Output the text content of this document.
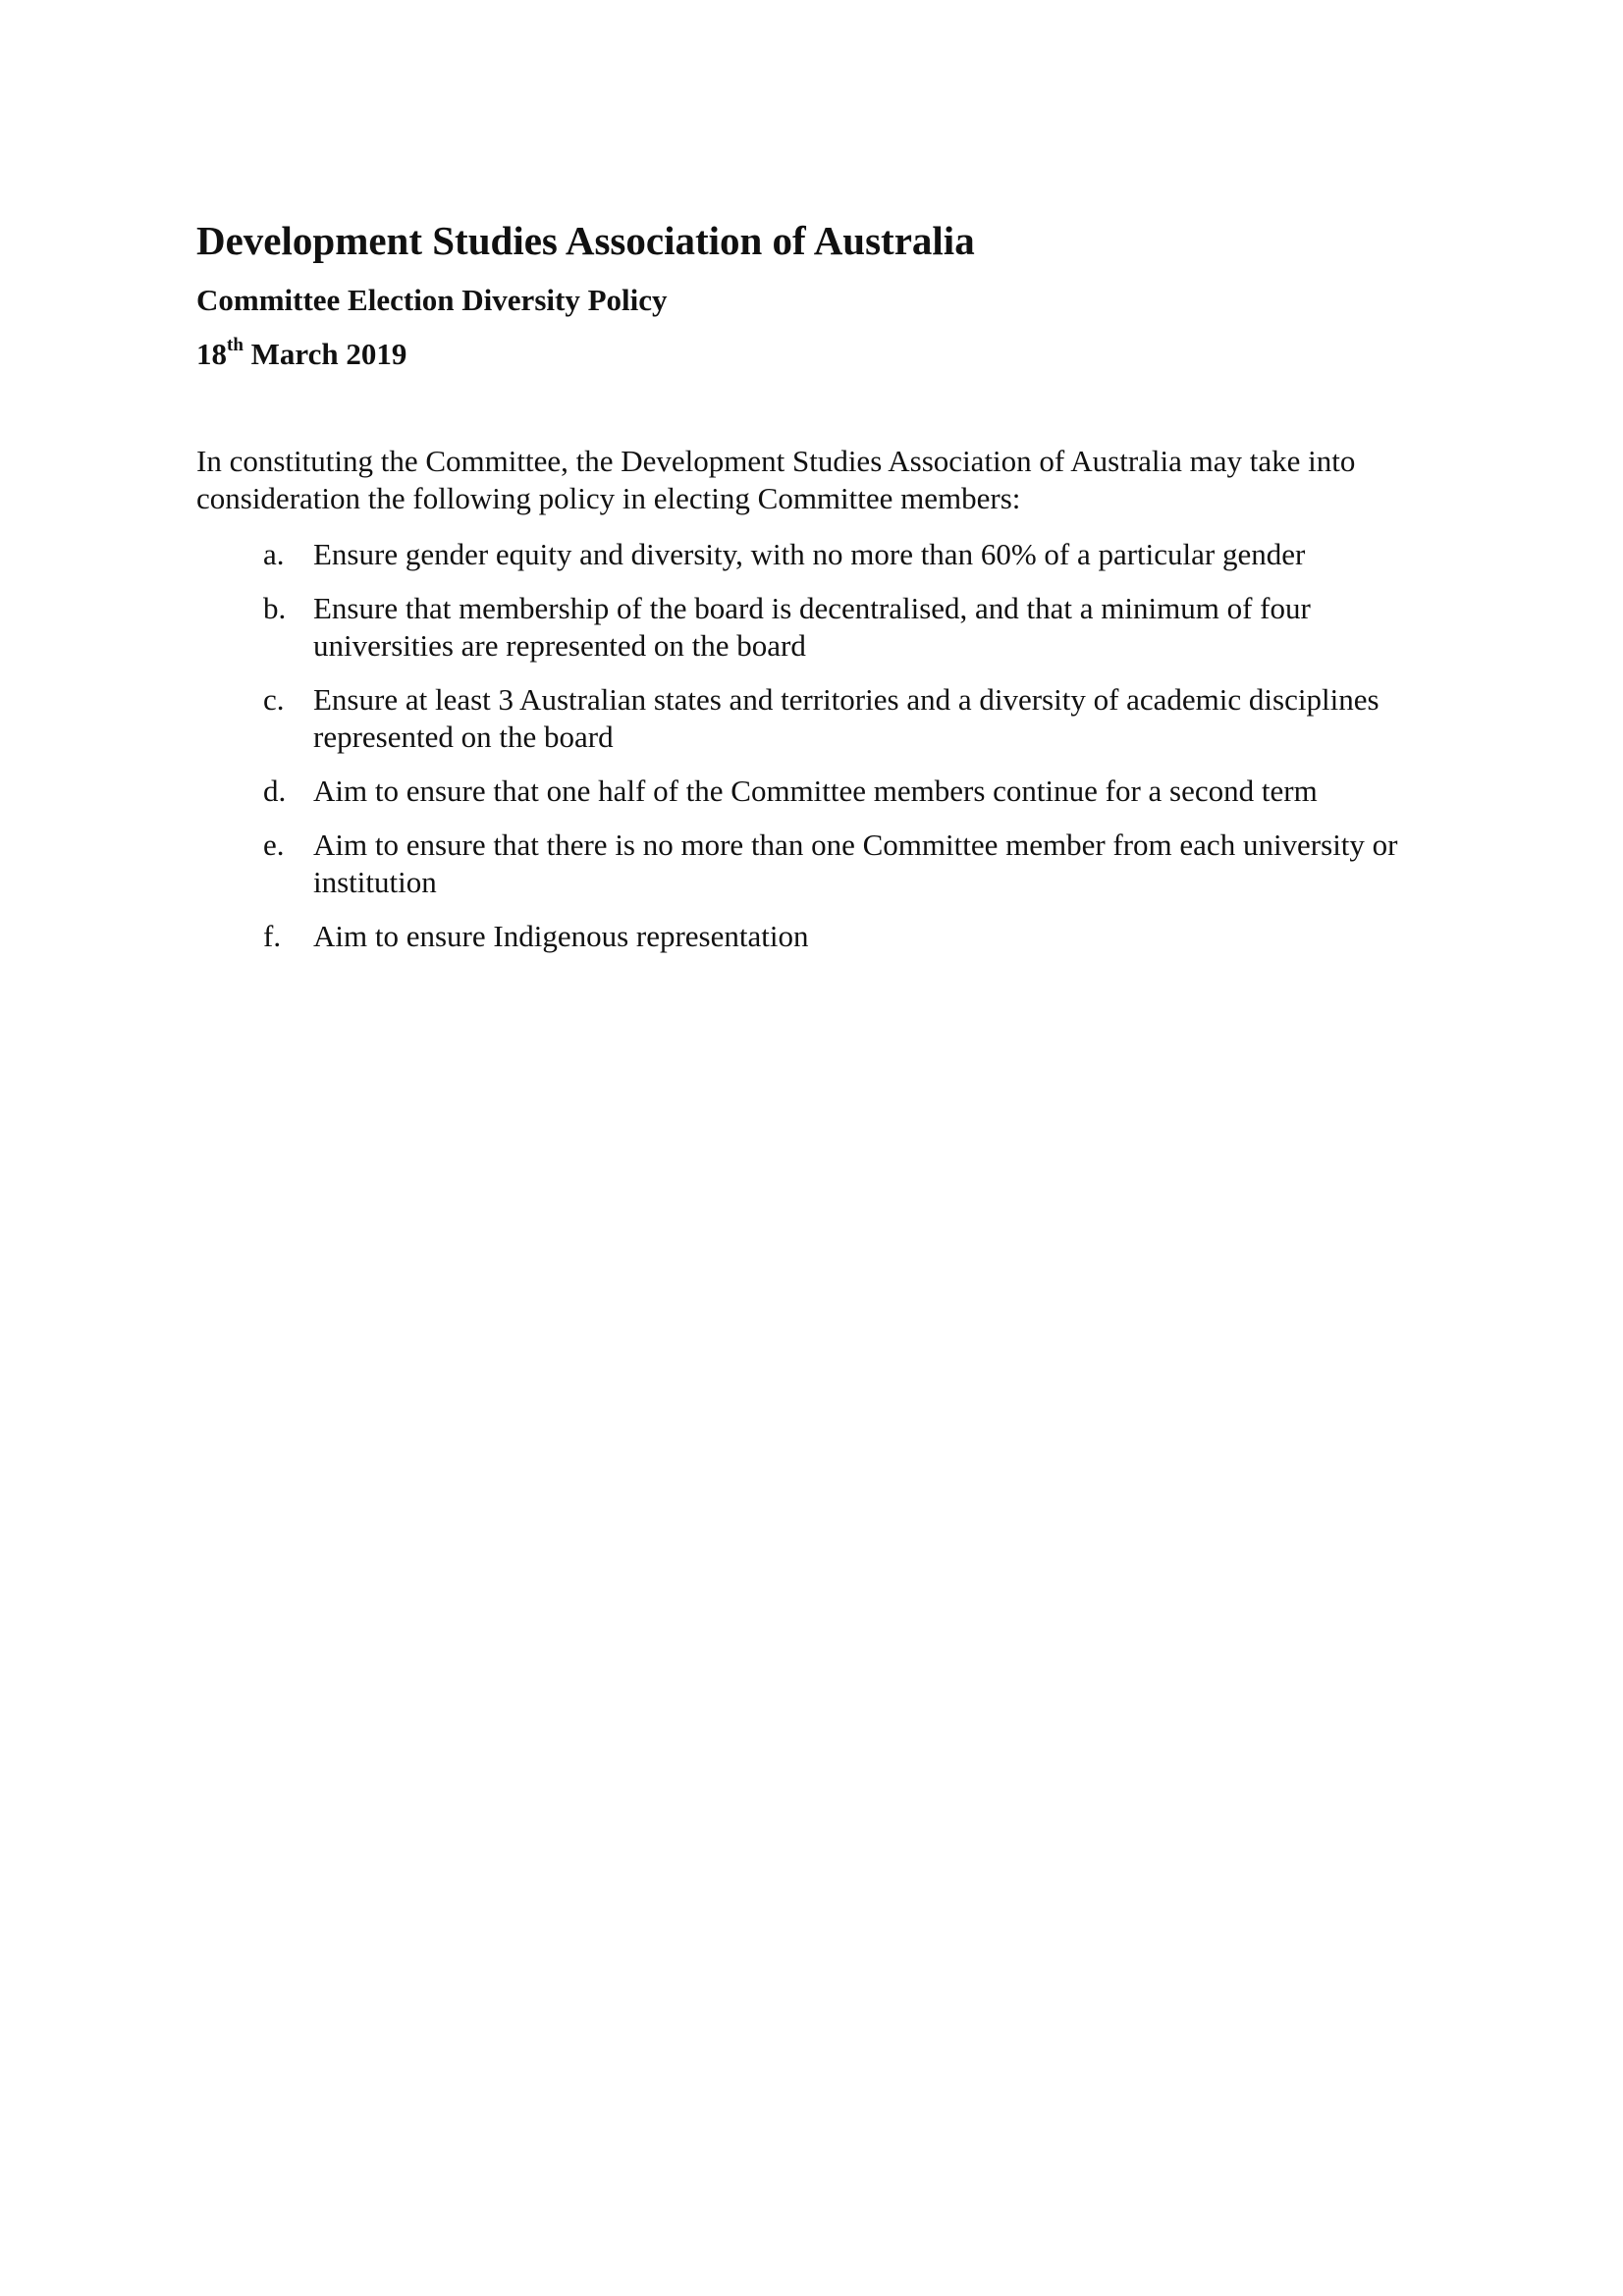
Development Studies Association of Australia
Committee Election Diversity Policy

18th March 2019

In constituting the Committee, the Development Studies Association of Australia may take into consideration the following policy in electing Committee members:

a. Ensure gender equity and diversity, with no more than 60% of a particular gender
b. Ensure that membership of the board is decentralised, and that a minimum of four universities are represented on the board
c. Ensure at least 3 Australian states and territories and a diversity of academic disciplines represented on the board
d. Aim to ensure that one half of the Committee members continue for a second term
e. Aim to ensure that there is no more than one Committee member from each university or institution
f. Aim to ensure Indigenous representation
